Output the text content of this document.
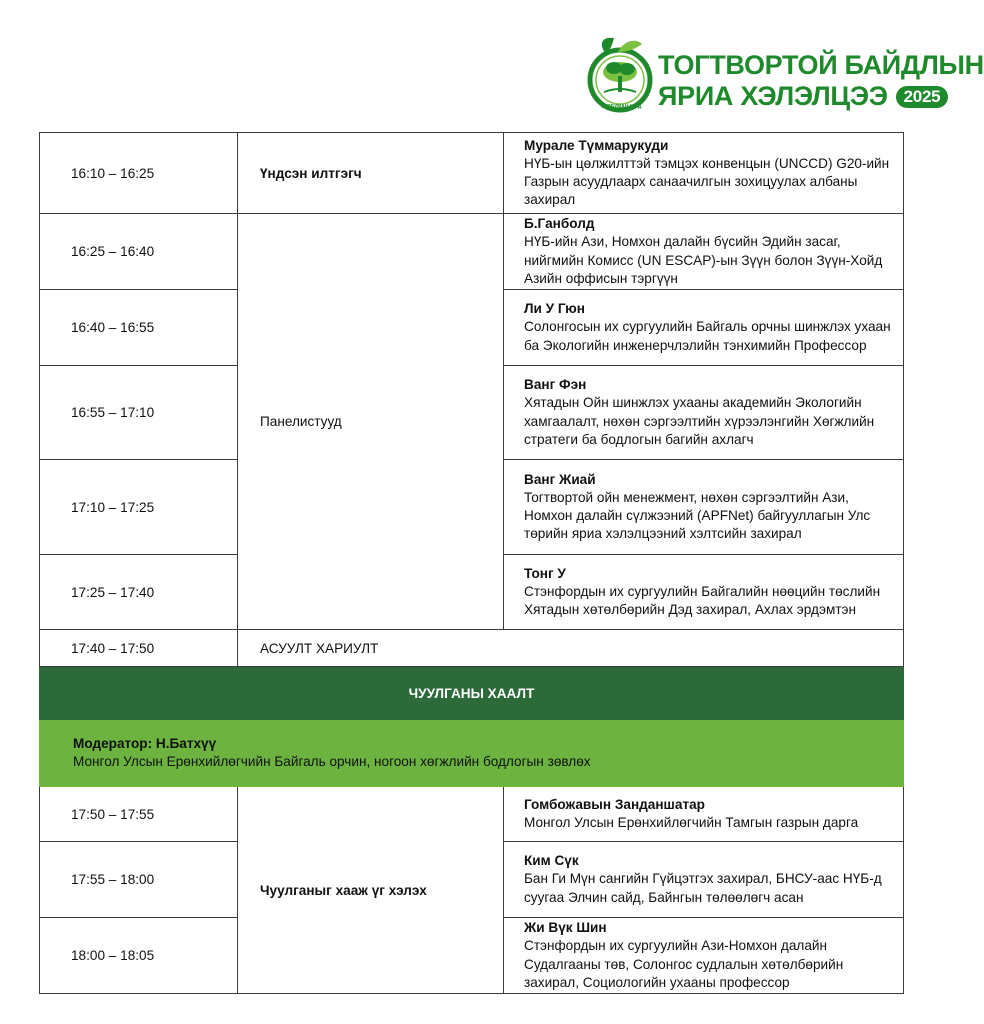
ТЭРБУМАН МОД
ТОГТВОРТОЙ БАЙДЛЫН
ЯРИА ХЭЛЭЛЦЭЭ 2025
16:10 – 16:25	Үндсэн илтгэгч	Мурале Түммарукуди
НҮБ-ын цөлжилттэй тэмцэх конвенцын (UNCCD) G20-ийн Газрын асуудлаарх санаачилгын зохицуулах албаны захирал

16:25 – 16:40	Панелистууд	Б.Ганболд
НҮБ-ийн Ази, Номхон далайн бүсийн Эдийн засаг, нийгмийн Комисс (UN ESCAP)-ын Зүүн болон Зүүн-Хойд Азийн оффисын тэргүүн

16:40 – 16:55		Ли У Гюн
Солонгосын их сургуулийн Байгаль орчны шинжлэх ухаан ба Экологийн инженерчлэлийн тэнхимийн Профессор

16:55 – 17:10		Ванг Фэн
Хятадын Ойн шинжлэх ухааны академийн Экологийн хамгаалалт, нөхөн сэргээлтийн хүрээлэнгийн Хөгжлийн стратеги ба бодлогын багийн ахлагч

17:10 – 17:25		Ванг Жиай
Тогтвортой ойн менежмент, нөхөн сэргээлтийн Ази, Номхон далайн сүлжээний (APFNet) байгууллагын Улс төрийн яриа хэлэлцээний хэлтсийн захирал

17:25 – 17:40		Тонг У
Стэнфордын их сургуулийн Байгалийн нөөцийн төслийн Хятадын хөтөлбөрийн Дэд захирал, Ахлах эрдэмтэн

17:40 – 17:50	АСУУЛТ ХАРИУЛТ	
ЧУУЛГАНЫ ХААЛТ		

Модератор: Н.Батхүү
Монгол Улсын Ерөнхийлөгчийн Байгаль орчин, ногоон хөгжлийн бодлогын зөвлөх		

17:50 – 17:55	Чуулганыг хааж үг хэлэх	Гомбожавын Занданшатар
Монгол Улсын Ерөнхийлөгчийн Тамгын газрын дарга

17:55 – 18:00		Ким Сүк
Бан Ги Мүн сангийн Гүйцэтгэх захирал, БНСУ-аас НҮБ-д суугаа Элчин сайд, Байнгын төлөөлөгч асан

18:00 – 18:05		Жи Вүк Шин
Стэнфордын их сургуулийн Ази-Номхон далайн Судалгааны төв, Солонгос судлалын хөтөлбөрийн захирал, Социологийн ухааны профессор
